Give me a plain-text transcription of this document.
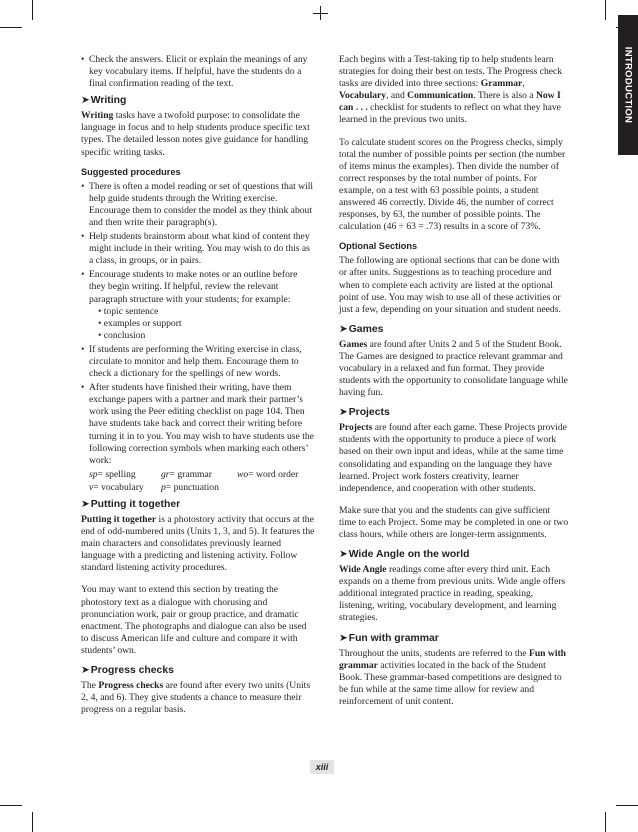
INTRODUCTION
• Check the answers. Elicit or explain the meanings of any key vocabulary items. If helpful, have the students do a final confirmation reading of the text.
➤Writing

Writing tasks have a twofold purpose: to consolidate the language in focus and to help students produce specific text types. The detailed lesson notes give guidance for handling specific writing tasks.

Suggested procedures
• There is often a model reading or set of questions that will help guide students through the Writing exercise. Encourage them to consider the model as they think about and then write their paragraph(s).
• Help students brainstorm about what kind of content they might include in their writing. You may wish to do this as a class, in groups, or in pairs.
• Encourage students to make notes or an outline before they begin writing. If helpful, review the relevant paragraph structure with your students; for example:
• topic sentence
• examples or support
• conclusion
• If students are performing the Writing exercise in class, circulate to monitor and help them. Encourage them to check a dictionary for the spellings of new words.
• After students have finished their writing, have them exchange papers with a partner and mark their partner’s work using the Peer editing checklist on page 104. Then have students take back and correct their writing before turning it in to you. You may wish to have students use the following correction symbols when marking each others’ work:
sp= spelling	gr= grammar	wo= word order
v= vocabulary	p= punctuation
➤Putting it together

Putting it together is a photostory activity that occurs at the end of odd-numbered units (Units 1, 3, and 5). It features the main characters and consolidates previously learned language with a predicting and listening activity. Follow standard listening activity procedures.

You may want to extend this section by treating the photostory text as a dialogue with chorusing and pronunciation work, pair or group practice, and dramatic enactment. The photographs and dialogue can also be used to discuss American life and culture and compare it with students’ own.

➤Progress checks

The Progress checks are found after every two units (Units 2, 4, and 6). They give students a chance to measure their progress on a regular basis.

Each begins with a Test-taking tip to help students learn strategies for doing their best on tests. The Progress check tasks are divided into three sections: Grammar, Vocabulary, and Communication. There is also a Now I can . . . checklist for students to reflect on what they have learned in the previous two units.

To calculate student scores on the Progress checks, simply total the number of possible points per section (the number of items minus the examples). Then divide the number of correct responses by the total number of points. For example, on a test with 63 possible points, a student answered 46 correctly. Divide 46, the number of correct responses, by 63, the number of possible points. The calculation (46 ÷ 63 = .73) results in a score of 73%.

Optional Sections

The following are optional sections that can be done with or after units. Suggestions as to teaching procedure and when to complete each activity are listed at the optional point of use. You may wish to use all of these activities or just a few, depending on your situation and student needs.

➤Games

Games are found after Units 2 and 5 of the Student Book. The Games are designed to practice relevant grammar and vocabulary in a relaxed and fun format. They provide students with the opportunity to consolidate language while having fun.

➤Projects

Projects are found after each game. These Projects provide students with the opportunity to produce a piece of work based on their own input and ideas, while at the same time consolidating and expanding on the language they have learned. Project work fosters creativity, learner independence, and cooperation with other students.

Make sure that you and the students can give sufficient time to each Project. Some may be completed in one or two class hours, while others are longer-term assignments.

➤Wide Angle on the world

Wide Angle readings come after every third unit. Each expands on a theme from previous units. Wide angle offers additional integrated practice in reading, speaking, listening, writing, vocabulary development, and learning strategies.

➤Fun with grammar

Throughout the units, students are referred to the Fun with grammar activities located in the back of the Student Book. These grammar-based competitions are designed to be fun while at the same time allow for review and reinforcement of unit content.

xiii
